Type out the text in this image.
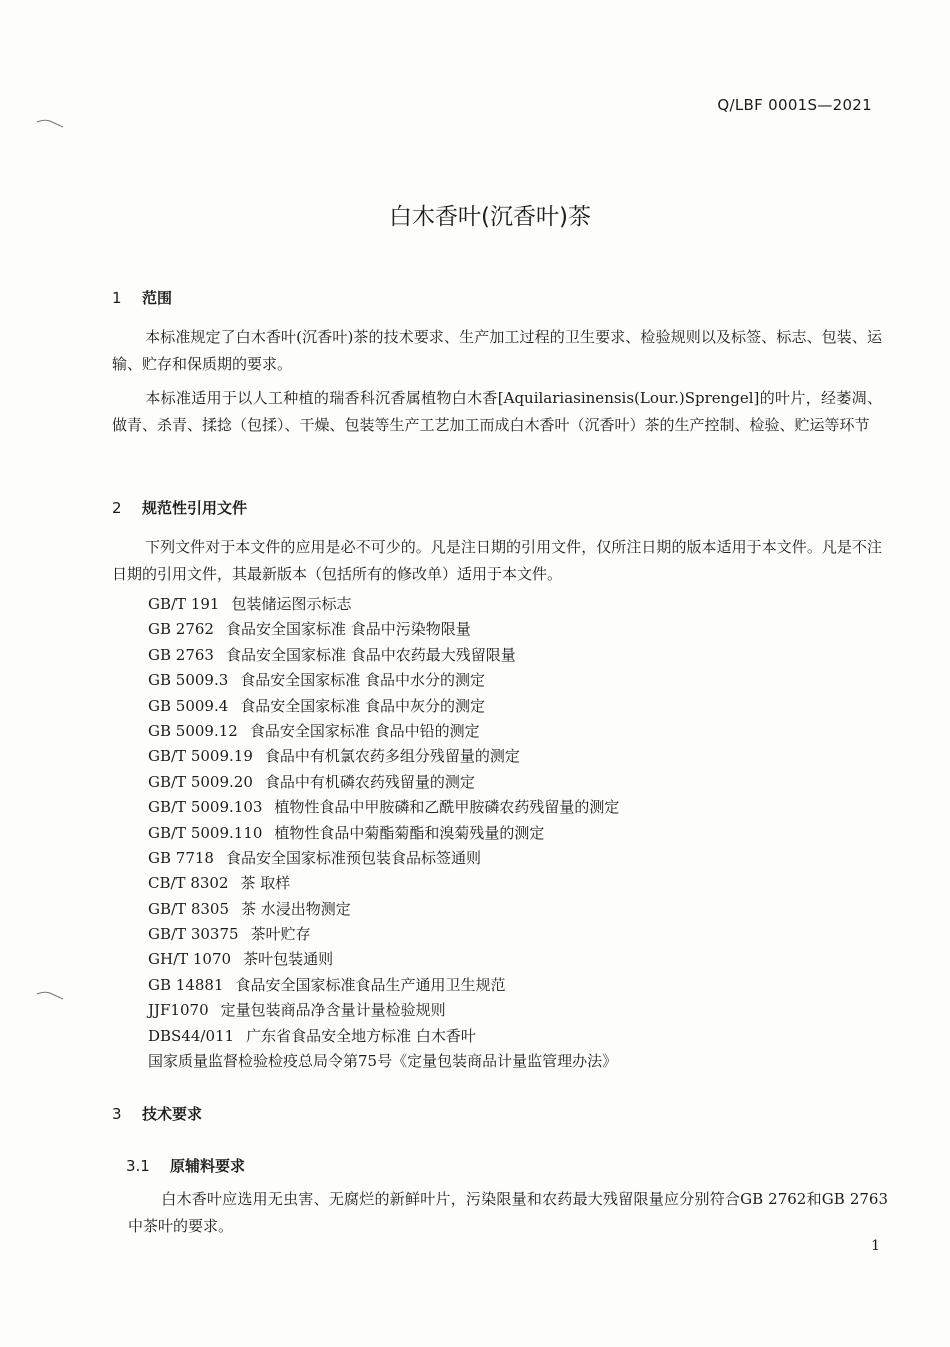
Q/LBF 0001S—2021
白木香叶(沉香叶)茶
1 范围
本标准规定了白木香叶(沉香叶)茶的技术要求、生产加工过程的卫生要求、检验规则以及标签、标志、包装、运输、贮存和保质期的要求。
本标准适用于以人工种植的瑞香科沉香属植物白木香[Aquilariasinensis(Lour.)Sprengel]的叶片，经萎凋、做青、杀青、揉捻（包揉）、干燥、包装等生产工艺加工而成白木香叶（沉香叶）茶的生产控制、检验、贮运等环节
2 规范性引用文件
下列文件对于本文件的应用是必不可少的。凡是注日期的引用文件，仅所注日期的版本适用于本文件。凡是不注日期的引用文件，其最新版本（包括所有的修改单）适用于本文件。
GB/T 191 包装储运图示标志
GB 2762 食品安全国家标准 食品中污染物限量
GB 2763 食品安全国家标准 食品中农药最大残留限量
GB 5009.3 食品安全国家标准 食品中水分的测定
GB 5009.4 食品安全国家标准 食品中灰分的测定
GB 5009.12 食品安全国家标准 食品中铅的测定
GB/T 5009.19 食品中有机氯农药多组分残留量的测定
GB/T 5009.20 食品中有机磷农药残留量的测定
GB/T 5009.103 植物性食品中甲胺磷和乙酰甲胺磷农药残留量的测定
GB/T 5009.110 植物性食品中菊酯菊酯和溴菊残量的测定
GB 7718 食品安全国家标准预包装食品标签通则
CB/T 8302 茶 取样
GB/T 8305 茶 水浸出物测定
GB/T 30375 茶叶贮存
GH/T 1070 茶叶包装通则
GB 14881 食品安全国家标准食品生产通用卫生规范
JJF1070 定量包装商品净含量计量检验规则
DBS44/011 广东省食品安全地方标准 白木香叶
国家质量监督检验检疫总局令第75号《定量包装商品计量监管理办法》
3 技术要求
3.1 原辅料要求
白木香叶应选用无虫害、无腐烂的新鲜叶片，污染限量和农药最大残留限量应分别符合GB 2762和GB 2763中茶叶的要求。
1
